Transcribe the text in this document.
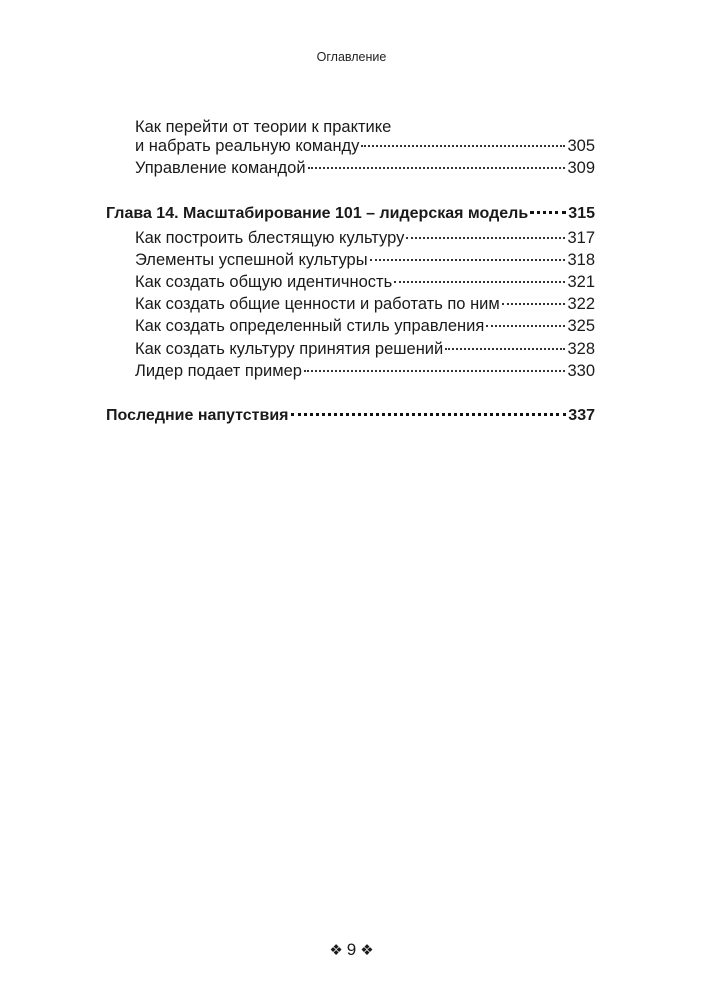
Оглавление
Как перейти от теории к практике
и набрать реальную команду	305
Управление командой	309
Глава 14. Масштабирование 101 – лидерская модель	315
Как построить блестящую культуру	317
Элементы успешной культуры	318
Как создать общую идентичность	321
Как создать общие ценности и работать по ним	322
Как создать определенный стиль управления	325
Как создать культуру принятия решений	328
Лидер подает пример	330
Последние напутствия	337
❖ 9 ❖
